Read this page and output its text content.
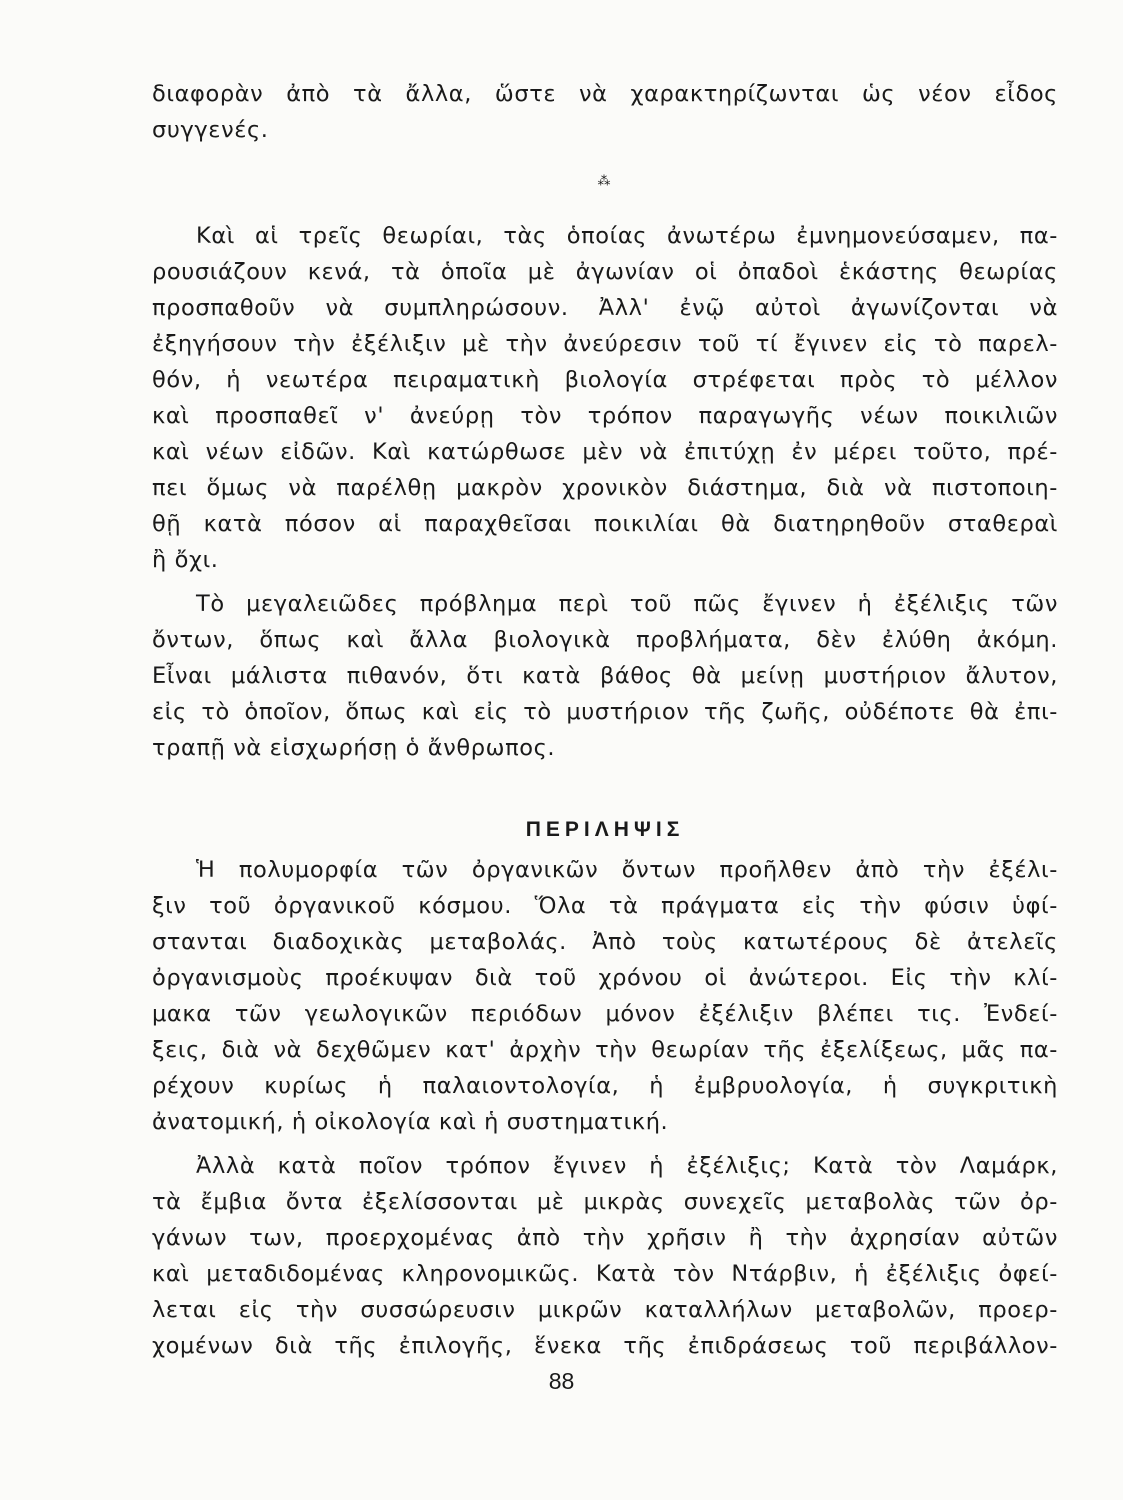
διαφορὰν ἀπὸ τὰ ἄλλα, ὥστε νὰ χαρακτηρίζωνται ὡς νέον εἶδος
συγγενές.
⁂
Καὶ αἱ τρεῖς θεωρίαι, τὰς ὁποίας ἀνωτέρω ἐμνημονεύσαμεν, πα-
ρουσιάζουν κενά, τὰ ὁποῖα μὲ ἀγωνίαν οἱ ὀπαδοὶ ἑκάστης θεωρίας
προσπαθοῦν νὰ συμπληρώσουν. Ἀλλ' ἐνῷ αὐτοὶ ἀγωνίζονται νὰ
ἐξηγήσουν τὴν ἐξέλιξιν μὲ τὴν ἀνεύρεσιν τοῦ τί ἔγινεν εἰς τὸ παρελ-
θόν, ἡ νεωτέρα πειραματικὴ βιολογία στρέφεται πρὸς τὸ μέλλον
καὶ προσπαθεῖ ν' ἀνεύρῃ τὸν τρόπον παραγωγῆς νέων ποικιλιῶν
καὶ νέων εἰδῶν. Καὶ κατώρθωσε μὲν νὰ ἐπιτύχῃ ἐν μέρει τοῦτο, πρέ-
πει ὅμως νὰ παρέλθῃ μακρὸν χρονικὸν διάστημα, διὰ νὰ πιστοποιη-
θῇ κατὰ πόσον αἱ παραχθεῖσαι ποικιλίαι θὰ διατηρηθοῦν σταθεραὶ
ἢ ὄχι.
Τὸ μεγαλειῶδες πρόβλημα περὶ τοῦ πῶς ἔγινεν ἡ ἐξέλιξις τῶν
ὄντων, ὅπως καὶ ἄλλα βιολογικὰ προβλήματα, δὲν ἐλύθη ἀκόμη.
Εἶναι μάλιστα πιθανόν, ὅτι κατὰ βάθος θὰ μείνῃ μυστήριον ἄλυτον,
εἰς τὸ ὁποῖον, ὅπως καὶ εἰς τὸ μυστήριον τῆς ζωῆς, οὐδέποτε θὰ ἐπι-
τραπῇ νὰ εἰσχωρήσῃ ὁ ἄνθρωπος.
ΠΕΡΙΛΗΨΙΣ
Ἡ πολυμορφία τῶν ὀργανικῶν ὄντων προῆλθεν ἀπὸ τὴν ἐξέλι-
ξιν τοῦ ὀργανικοῦ κόσμου. Ὅλα τὰ πράγματα εἰς τὴν φύσιν ὑφί-
στανται διαδοχικὰς μεταβολάς. Ἀπὸ τοὺς κατωτέρους δὲ ἀτελεῖς
ὀργανισμοὺς προέκυψαν διὰ τοῦ χρόνου οἱ ἀνώτεροι. Εἰς τὴν κλί-
μακα τῶν γεωλογικῶν περιόδων μόνον ἐξέλιξιν βλέπει τις. Ἐνδεί-
ξεις, διὰ νὰ δεχθῶμεν κατ' ἀρχὴν τὴν θεωρίαν τῆς ἐξελίξεως, μᾶς πα-
ρέχουν κυρίως ἡ παλαιοντολογία, ἡ ἐμβρυολογία, ἡ συγκριτικὴ
ἀνατομική, ἡ οἰκολογία καὶ ἡ συστηματική.
Ἀλλὰ κατὰ ποῖον τρόπον ἔγινεν ἡ ἐξέλιξις; Κατὰ τὸν Λαμάρκ,
τὰ ἔμβια ὄντα ἐξελίσσονται μὲ μικρὰς συνεχεῖς μεταβολὰς τῶν ὀρ-
γάνων των, προερχομένας ἀπὸ τὴν χρῆσιν ἢ τὴν ἀχρησίαν αὐτῶν
καὶ μεταδιδομένας κληρονομικῶς. Κατὰ τὸν Ντάρβιν, ἡ ἐξέλιξις ὀφεί-
λεται εἰς τὴν συσσώρευσιν μικρῶν καταλλήλων μεταβολῶν, προερ-
χομένων διὰ τῆς ἐπιλογῆς, ἕνεκα τῆς ἐπιδράσεως τοῦ περιβάλλον-
88
